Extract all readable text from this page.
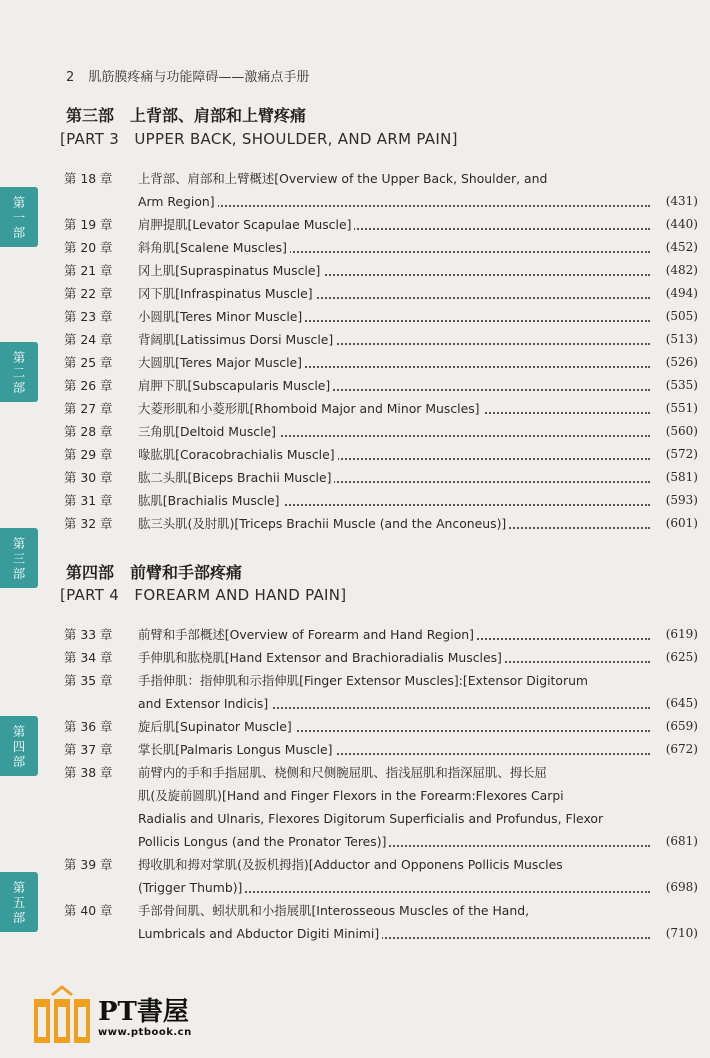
2 肌筋膜疼痛与功能障碍——激痛点手册
第三部　上背部、肩部和上臂疼痛
[PART 3　UPPER BACK, SHOULDER, AND ARM PAIN]
第 18 章 上背部、肩部和上臂概述[Overview of the Upper Back, Shoulder, and
Arm Region]	(431)
第 19 章 肩胛提肌[Levator Scapulae Muscle]	(440)
第 20 章 斜角肌[Scalene Muscles]	(452)
第 21 章 冈上肌[Supraspinatus Muscle]	(482)
第 22 章 冈下肌[Infraspinatus Muscle]	(494)
第 23 章 小圆肌[Teres Minor Muscle]	(505)
第 24 章 背阔肌[Latissimus Dorsi Muscle]	(513)
第 25 章 大圆肌[Teres Major Muscle]	(526)
第 26 章 肩胛下肌[Subscapularis Muscle]	(535)
第 27 章 大菱形肌和小菱形肌[Rhomboid Major and Minor Muscles]	(551)
第 28 章 三角肌[Deltoid Muscle]	(560)
第 29 章 喙肱肌[Coracobrachialis Muscle]	(572)
第 30 章 肱二头肌[Biceps Brachii Muscle]	(581)
第 31 章 肱肌[Brachialis Muscle]	(593)
第 32 章 肱三头肌(及肘肌)[Triceps Brachii Muscle (and the Anconeus)]	(601)
第四部　前臂和手部疼痛
[PART 4　FOREARM AND HAND PAIN]
第 33 章 前臂和手部概述[Overview of Forearm and Hand Region]	(619)
第 34 章 手伸肌和肱桡肌[Hand Extensor and Brachioradialis Muscles]	(625)
第 35 章 手指伸肌：指伸肌和示指伸肌[Finger Extensor Muscles]:[Extensor Digitorum
and Extensor Indicis]	(645)
第 36 章 旋后肌[Supinator Muscle]	(659)
第 37 章 掌长肌[Palmaris Longus Muscle]	(672)
第 38 章 前臂内的手和手指屈肌、桡侧和尺侧腕屈肌、指浅屈肌和指深屈肌、拇长屈
肌(及旋前圆肌)[Hand and Finger Flexors in the Forearm:Flexores Carpi
Radialis and Ulnaris, Flexores Digitorum Superficialis and Profundus, Flexor
Pollicis Longus (and the Pronator Teres)]	(681)
第 39 章 拇收肌和拇对掌肌(及扳机拇指)[Adductor and Opponens Pollicis Muscles
(Trigger Thumb)]	(698)
第 40 章 手部骨间肌、蚓状肌和小指展肌[Interosseous Muscles of the Hand,
Lumbricals and Abductor Digiti Minimi]	(710)
第
一
部
第
二
部
第
三
部
第
四
部
第
五
部
PT書屋
www.ptbook.cn
